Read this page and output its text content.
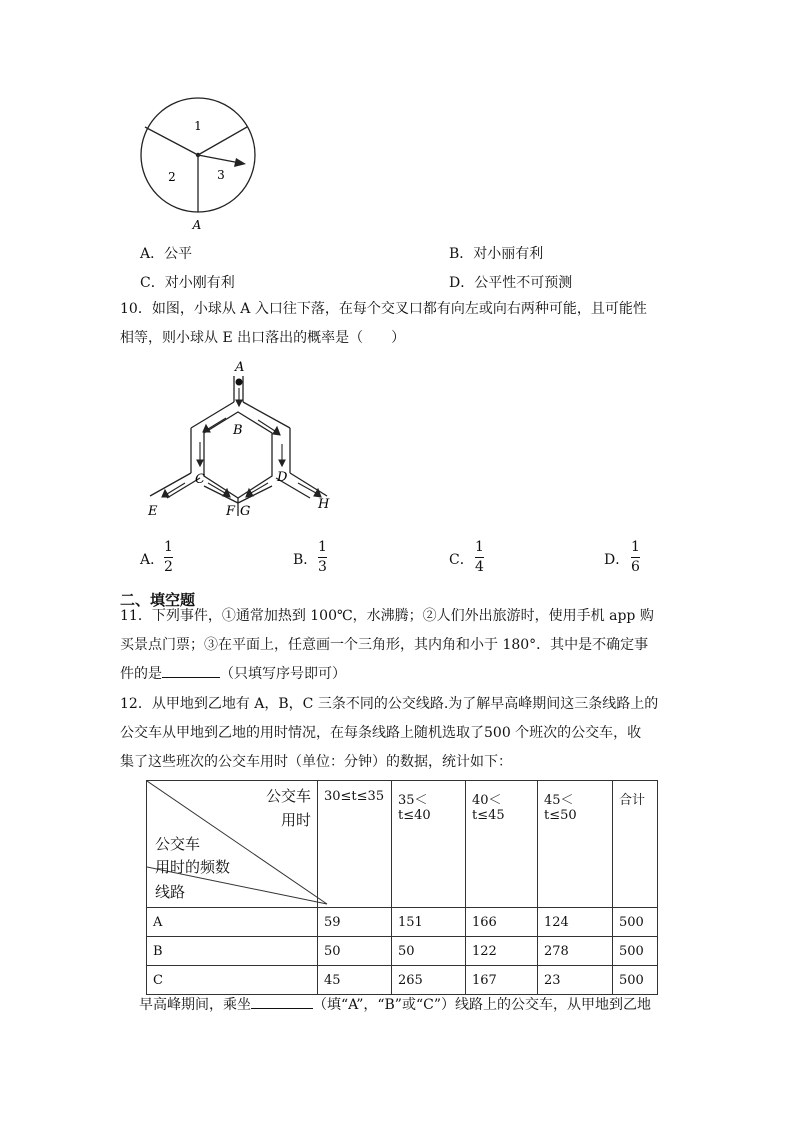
1
2	3
A
A．公平	B．对小丽有利
C．对小刚有利	D．公平性不可预测
10．如图，小球从 A 入口往下落，在每个交叉口都有向左或向右两种可能，且可能性
相等，则小球从 E 出口落出的概率是（　　）
A
B
C	D
E	F G	H
A．
1
2	B．
1
3	C．
1
4	D．
1
6
二、填空题
11．下列事件，①通常加热到 100℃，水沸腾；②人们外出旅游时，使用手机 app 购
买景点门票；③在平面上，任意画一个三角形，其内角和小于 180°．其中是不确定事
件的是	（只填写序号即可）
12．从甲地到乙地有 A，B，C 三条不同的公交线路.为了解早高峰期间这三条线路上的
公交车从甲地到乙地的用时情况，在每条线路上随机选取了500 个班次的公交车，收
集了这些班次的公交车用时（单位：分钟）的数据，统计如下：
公交车
用时
公交车
用时的频数
线路	30≤t≤35	35＜t≤40	40＜t≤45	45＜t≤50	合计
A	59	151	166	124	500
B	50	50	122	278	500
C	45	265	167	23	500
早高峰期间，乘坐	（填“A”，“B”或“C”）线路上的公交车，从甲地到乙地
